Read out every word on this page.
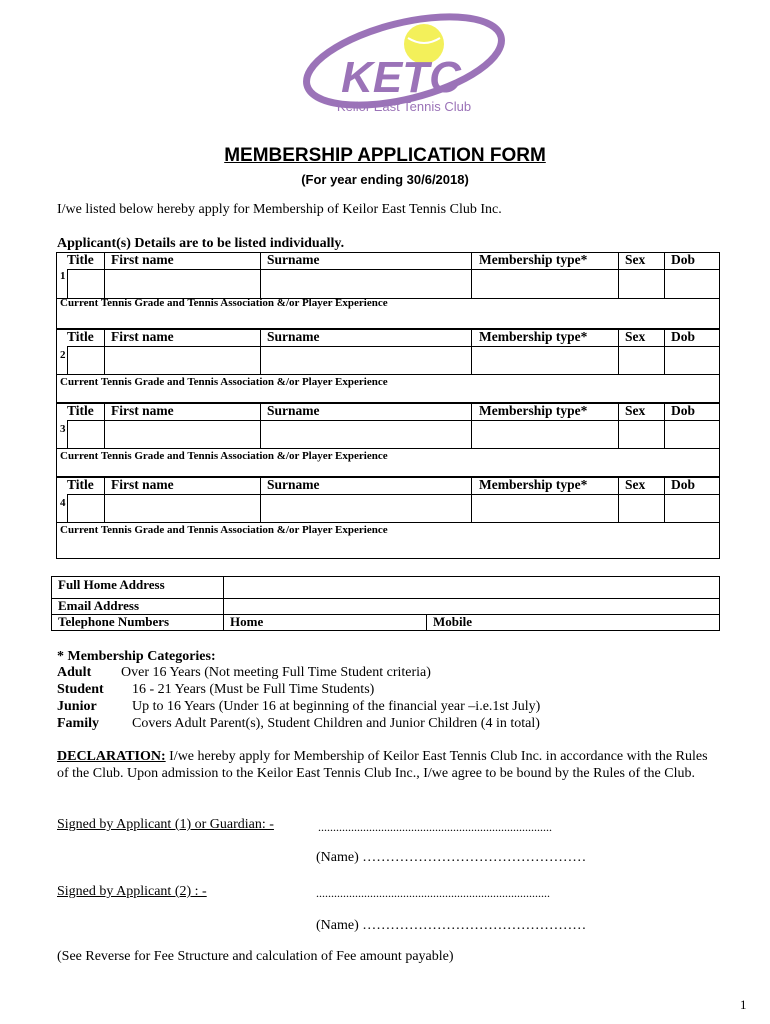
KETC
Keilor East Tennis Club
MEMBERSHIP APPLICATION FORM
(For year ending 30/6/2018)
I/we listed below hereby apply for Membership of Keilor East Tennis Club Inc.
Applicant(s) Details are to be listed individually.
Title First name	Surname	Membership type*	Sex Dob
1
Current Tennis Grade and Tennis Association &/or Player Experience
Title First name	Surname	Membership type*	Sex Dob
2
Current Tennis Grade and Tennis Association &/or Player Experience
Title First name	Surname	Membership type*	Sex Dob
3
Current Tennis Grade and Tennis Association &/or Player Experience
Title First name	Surname	Membership type*	Sex Dob
4
Current Tennis Grade and Tennis Association &/or Player Experience
Full Home Address
Email Address
Telephone Numbers	Home	Mobile
* Membership Categories:
Adult Over 16 Years (Not meeting Full Time Student criteria)
Student 16 - 21 Years (Must be Full Time Students)
Junior	Up to 16 Years (Under 16 at beginning of the financial year –i.e.1st July)
Family Covers Adult Parent(s), Student Children and Junior Children (4 in total)
DECLARATION: I/we hereby apply for Membership of Keilor East Tennis Club Inc. in accordance with the Rules of the Club. Upon admission to the Keilor East Tennis Club Inc., I/we agree to be bound by the Rules of the Club.
Signed by Applicant (1) or Guardian: -	..............................................................................
(Name) …………………………………………
Signed by Applicant (2) : -	..............................................................................
(Name) …………………………………………
(See Reverse for Fee Structure and calculation of Fee amount payable)
1
